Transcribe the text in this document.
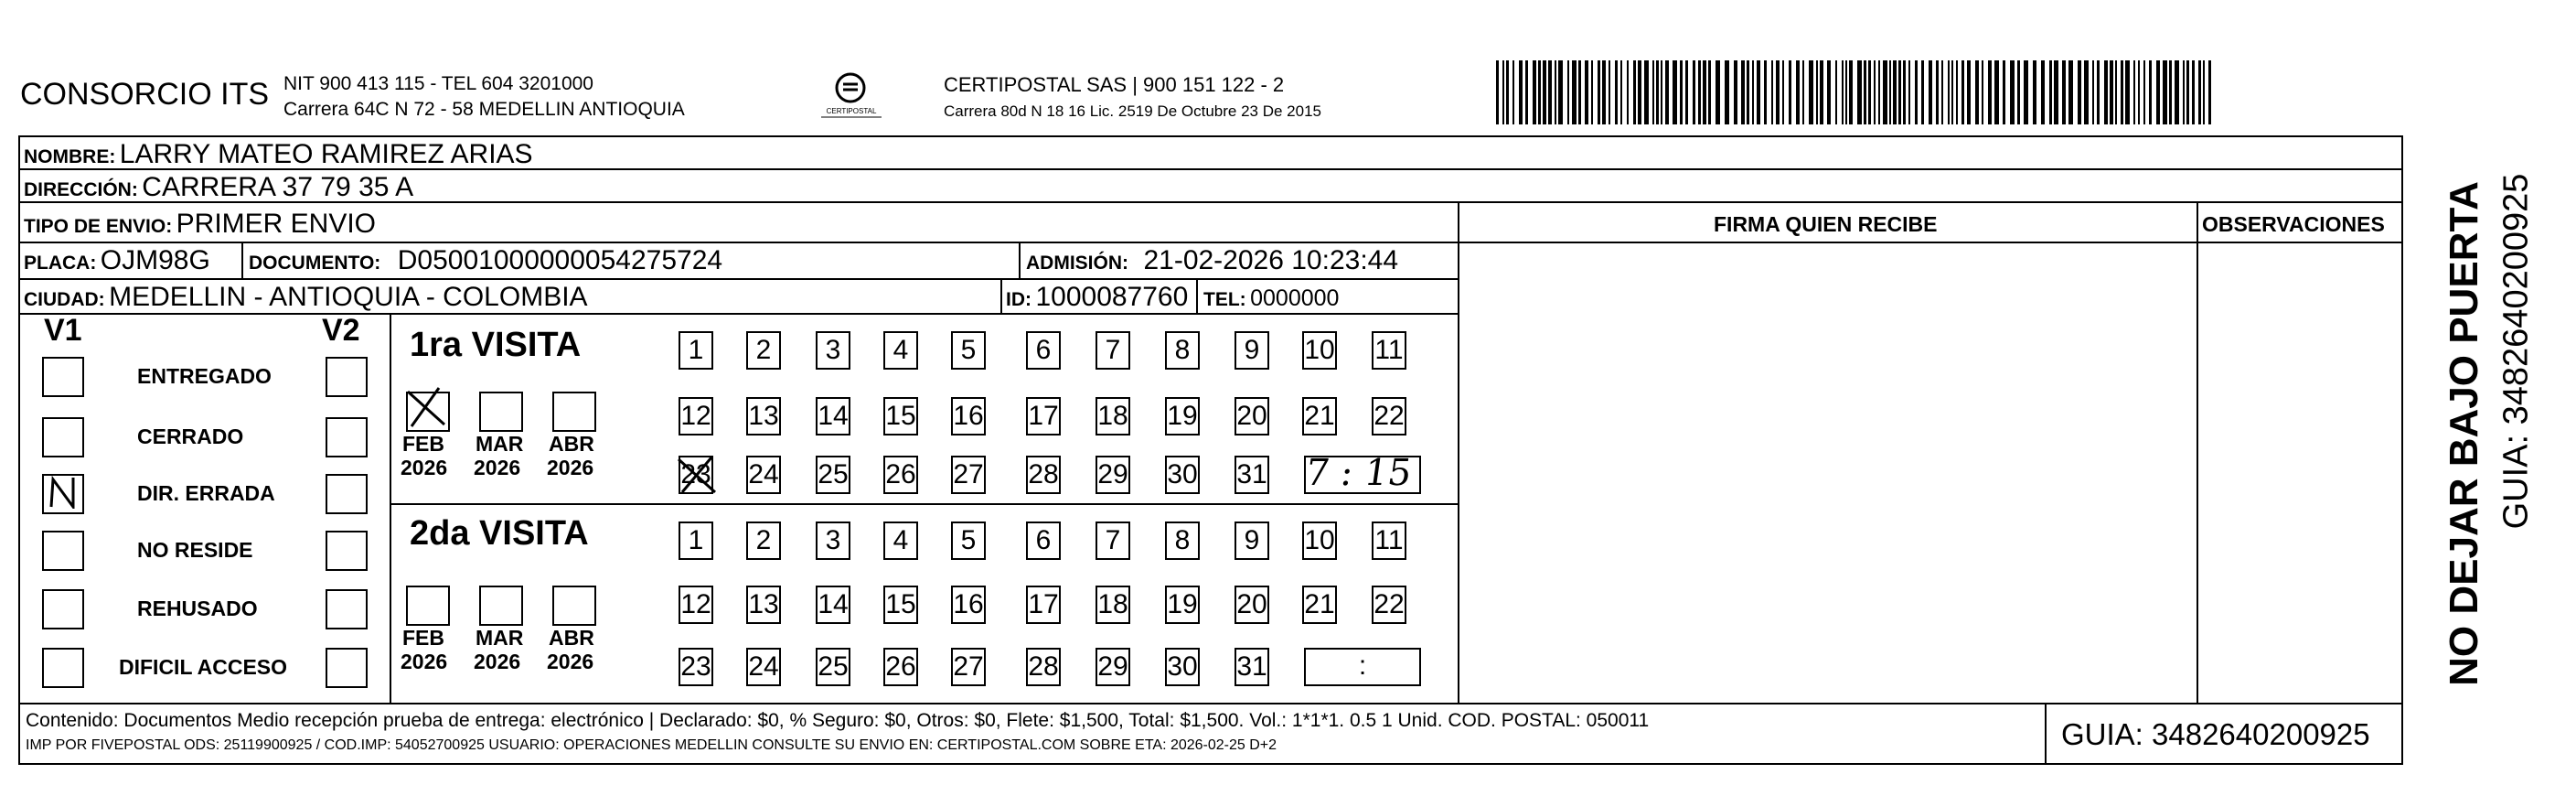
CONSORCIO ITS NIT 900 413 115 - TEL 604 3201000
Carrera 64C N 72 - 58 MEDELLIN ANTIOQUIA	CERTIPOSTAL
CERTIPOSTAL SAS | 900 151 122 - 2
Carrera 80d N 18 16 Lic. 2519 De Octubre 23 De 2015
NOMBRE: LARRY MATEO RAMIREZ ARIAS
DIRECCIÓN: CARRERA 37 79 35 A
TIPO DE ENVIO: PRIMER ENVIO	FIRMA QUIEN RECIBE	OBSERVACIONES
PLACA: OJM98G DOCUMENTO: D05001000000054275724	ADMISIÓN: 21-02-2026 10:23:44
CIUDAD: MEDELLIN - ANTIOQUIA - COLOMBIA	ID: 1000087760 TEL: 0000000
V1	V2
ENTREGADO
CERRADO
DIR. ERRADA
NO RESIDE
REHUSADO
DIFICIL ACCESO
1ra VISITA
2da VISITA
1	2	3	4	5	6	7	8	9	10 11
12 13 14 15 16 17 18 19 20 21 22
23 24 25 26 27 28 29 30 31
FEB
2026
MAR
2026
ABR
2026
1	2	3	4	5	6	7	8	9	10 11
12 13 14 15 16 17 18 19 20 21 22
23 24 25 26 27 28 29 30 31	:
FEB
2026
MAR
2026
ABR
2026
7 : 15
Contenido: Documentos Medio recepción prueba de entrega: electrónico | Declarado: $0, % Seguro: $0, Otros: $0, Flete: $1,500, Total: $1,500. Vol.: 1*1*1. 0.5 1 Unid. COD. POSTAL: 050011
IMP POR FIVEPOSTAL ODS: 25119900925 / COD.IMP: 54052700925 USUARIO: OPERACIONES MEDELLIN CONSULTE SU ENVIO EN: CERTIPOSTAL.COM SOBRE ETA: 2026-02-25 D+2	GUIA: 3482640200925
NO DEJAR BAJO PUERTA GUIA: 3482640200925
